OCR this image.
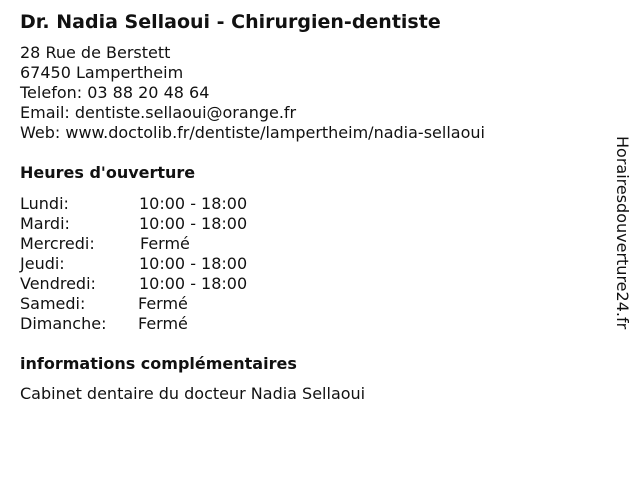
Dr. Nadia Sellaoui - Chirurgien-dentiste
28 Rue de Berstett
67450 Lampertheim
Telefon: 03 88 20 48 64
Email: dentiste.sellaoui@orange.fr
Web: www.doctolib.fr/dentiste/lampertheim/nadia-sellaoui
Heures d'ouverture
Lundi:	10:00 - 18:00
Mardi:	10:00 - 18:00
Mercredi:	Fermé
Jeudi:	10:00 - 18:00
Vendredi:	10:00 - 18:00
Samedi:	Fermé
Dimanche: Fermé
informations complémentaires
Cabinet dentaire du docteur Nadia Sellaoui
Horairesdouverture24.fr
